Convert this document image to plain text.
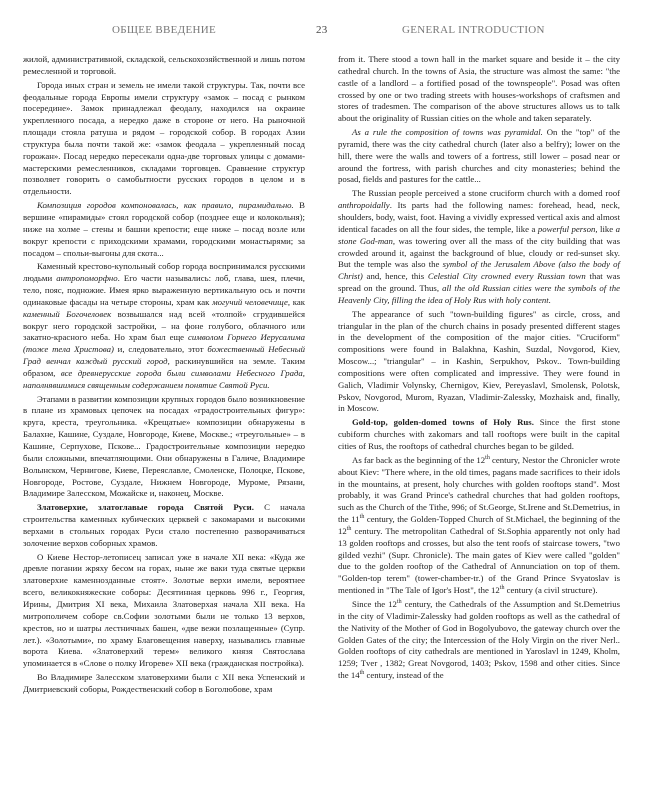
ОБЩЕЕ ВВЕДЕНИЕ	23	GENERAL INTRODUCTION

жилой, административной, складской, сельскохозяйственной и лишь потом ремесленной и торговой.

Города иных стран и земель не имели такой структуры. Так, почти все феодальные города Европы имели структуру «замок – посад с рынком посередине». Замок принадлежал феодалу, находился на окраине укрепленного посада, а нередко даже в стороне от него. На рыночной площади стояла ратуша и рядом – городской собор. В городах Азии структура была почти такой же: «замок феодала – укрепленный посад горожан». Посад нередко пересекали одна-две торговых улицы с домами-мастерскими ремесленников, складами торговцев. Сравнение структур позволяет говорить о самобытности русских городов в целом и в отдельности.

Композиция городов компоновалась, как правило, пирамидально. В вершине «пирамиды» стоял городской собор (позднее еще и колокольня); ниже на холме – стены и башни крепости; еще ниже – посад возле или вокруг крепости с приходскими храмами, городскими монастырями; за посадом – спольи-выгоны для скота...

Каменный крестово-купольный собор города воспринимался русскими людьми антропоморфно. Его части назывались: лоб, глава, шея, плечи, тело, пояс, подножие. Имея ярко выраженную вертикальную ось и почти одинаковые фасады на четыре стороны, храм как могучий человечище, как каменный Богочеловек возвышался над всей «толпой» сгрудившейся вокруг него городской застройки, – на фоне голубого, облачного или закатно-красного неба. Но храм был еще символом Горнего Иерусалима (тоже тела Христова) и, следовательно, этот божественный Небесный Град венчал каждый русский город, раскинувшийся на земле. Таким образом, все древнерусские города были символами Небесного Града, наполнявшимися священным содержанием понятие Святой Руси.

Этапами в развитии композиции крупных городов было возникновение в плане из храмовых цепочек на посадах «градостроительных фигур»: круга, креста, треугольника. «Крещатые» композиции обнаружены в Балахне, Кашине, Суздале, Новгороде, Киеве, Москве.; «треугольные» – в Кашине, Серпухове, Пскове... Градостроительные композиции нередко были сложными, впечатляющими. Они обнаружены в Галиче, Владимире Волынском, Чернигове, Киеве, Переяславле, Смоленске, Полоцке, Пскове, Новгороде, Ростове, Суздале, Нижнем Новгороде, Муроме, Рязани, Владимире Залесском, Можайске и, наконец, Москве.

Златоверхие, златоглавые города Святой Руси. С начала строительства каменных кубических церквей с закомарами и высокими верхами в стольных городах Руси стало постепенно разворачиваться золочение верхов соборных храмов.

О Киеве Нестор-летописец записал уже в начале XII века: «Куда же древле погании жряху бесом на горах, ныне же ваки туда святые церкви златоверхие каменнозданные стоят». Золотые верхи имели, вероятнее всего, великокняжеские соборы: Десятинная церковь 996 г., Георгия, Ирины, Дмитрия XI века, Михаила Златоверхая начала XII века. На митрополичем соборе св.Софии золотыми были не только 13 верхов, крестов, но и шатры лестничных башен, «две вежи позлащенные» (Супр. лет.). «Золотыми», по храму Благовещения наверху, назывались главные ворота Киева. «Златоверхий терем» великого князя Святослава упоминается в «Слове о полку Игореве» XII века (гражданская постройка).

Во Владимире Залесском златоверхими были с XII века Успенский и Дмитриевский соборы, Рождественский собор в Боголюбове, храм

from it. There stood a town hall in the market square and beside it – the city cathedral church. In the towns of Asia, the structure was almost the same: "the castle of a landlord – a fortified posad of the townspeople". Posad was often crossed by one or two trading streets with houses-workshops of craftsmen and stores of tradesmen. The comparison of the above structures allows us to talk about the originality of Russian cities on the whole and taken separately.

As a rule the composition of towns was pyramidal. On the "top" of the pyramid, there was the city cathedral church (later also a belfry); lower on the hill, there were the walls and towers of a fortress, still lower – posad near or around the fortress, with parish churches and city monasteries; behind the posad, fields and pastures for the cattle...

The Russian people perceived a stone cruciform church with a domed roof anthropoidally. Its parts had the following names: forehead, head, neck, shoulders, body, waist, foot. Having a vividly expressed vertical axis and almost identical facades on all the four sides, the temple, like a powerful person, like a stone God-man, was towering over all the mass of the city building that was crowded around it, against the background of blue, cloudy or red-sunset sky. But the temple was also the symbol of the Jerusalem Above (also the body of Christ) and, hence, this Celestial City crowned every Russian town that was spread on the ground. Thus, all the old Russian cities were the symbols of the Heavenly City, filling the idea of Holy Rus with holy content.

The appearance of such "town-building figures" as circle, cross, and triangular in the plan of the church chains in posady presented different stages in the development of the composition of the major cities. "Cruciform" compositions were found in Balakhna, Kashin, Suzdal, Novgorod, Kiev, Moscow...; "triangular" – in Kashin, Serpukhov, Pskov.. Town-building compositions were often complicated and impressive. They were found in Galich, Vladimir Volynsky, Chernigov, Kiev, Pereyaslavl, Smolensk, Polotsk, Pskov, Novgorod, Murom, Ryazan, Vladimir-Zalessky, Mozhaisk and, finally, in Moscow.

Gold-top, golden-domed towns of Holy Rus. Since the first stone cubiform churches with zakomars and tall rooftops were built in the capital cities of Rus, the rooftops of cathedral churches began to be gilded.

As far back as the beginning of the 12th century, Nestor the Chronicler wrote about Kiev: "There where, in the old times, pagans made sacrifices to their idols in the mountains, at present, holy churches with golden rooftops stand". Most probably, it was Grand Prince's cathedral churches that had golden rooftops, such as the Church of the Tithe, 996; of St.George, St.Irene and St.Demetrius, in the 11th century, the Golden-Topped Church of St.Michael, the beginning of the 12th century. The metropolitan Cathedral of St.Sophia apparently not only had 13 golden rooftops and crosses, but also the tent roofs of staircase towers, "two gilded vezhi" (Supr. Chronicle). The main gates of Kiev were called "golden" due to the golden rooftop of the Cathedral of Annunciation on top of them. "Golden-top terem" (tower-chamber-tr.) of the Grand Prince Svyatoslav is mentioned in "The Tale of Igor's Host", the 12th century (a civil structure).

Since the 12th century, the Cathedrals of the Assumption and St.Demetrius in the city of Vladimir-Zalessky had golden rooftops as well as the cathedral of the Nativity of the Mother of God in Bogolyubovo, the gateway church over the Golden Gates of the city; the Intercession of the Holy Virgin on the river Nerl.. Golden rooftops of city cathedrals are mentioned in Yaroslavl in 1249, Kholm, 1259; Tver , 1382; Great Novgorod, 1403; Pskov, 1598 and other cities. Since the 14th century, instead of the
